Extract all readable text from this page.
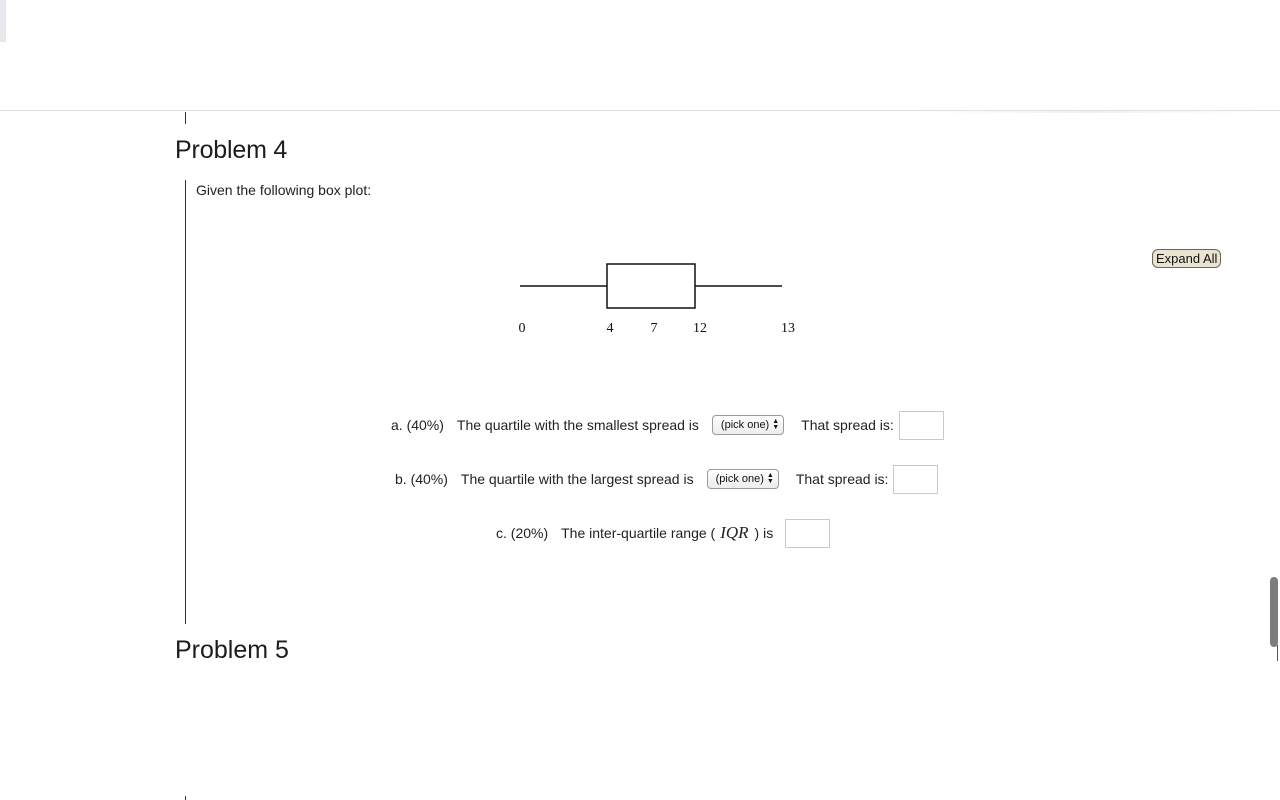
Problem 4
Given the following box plot:
0	4	7	12	13
Expand All
a. (40%) The quartile with the smallest spread is (pick one) ▲
▼ That spread is:
b. (40%) The quartile with the largest spread is (pick one) ▲
▼ That spread is:
c. (20%) The inter-quartile range ( IQR ) is
Problem 5
